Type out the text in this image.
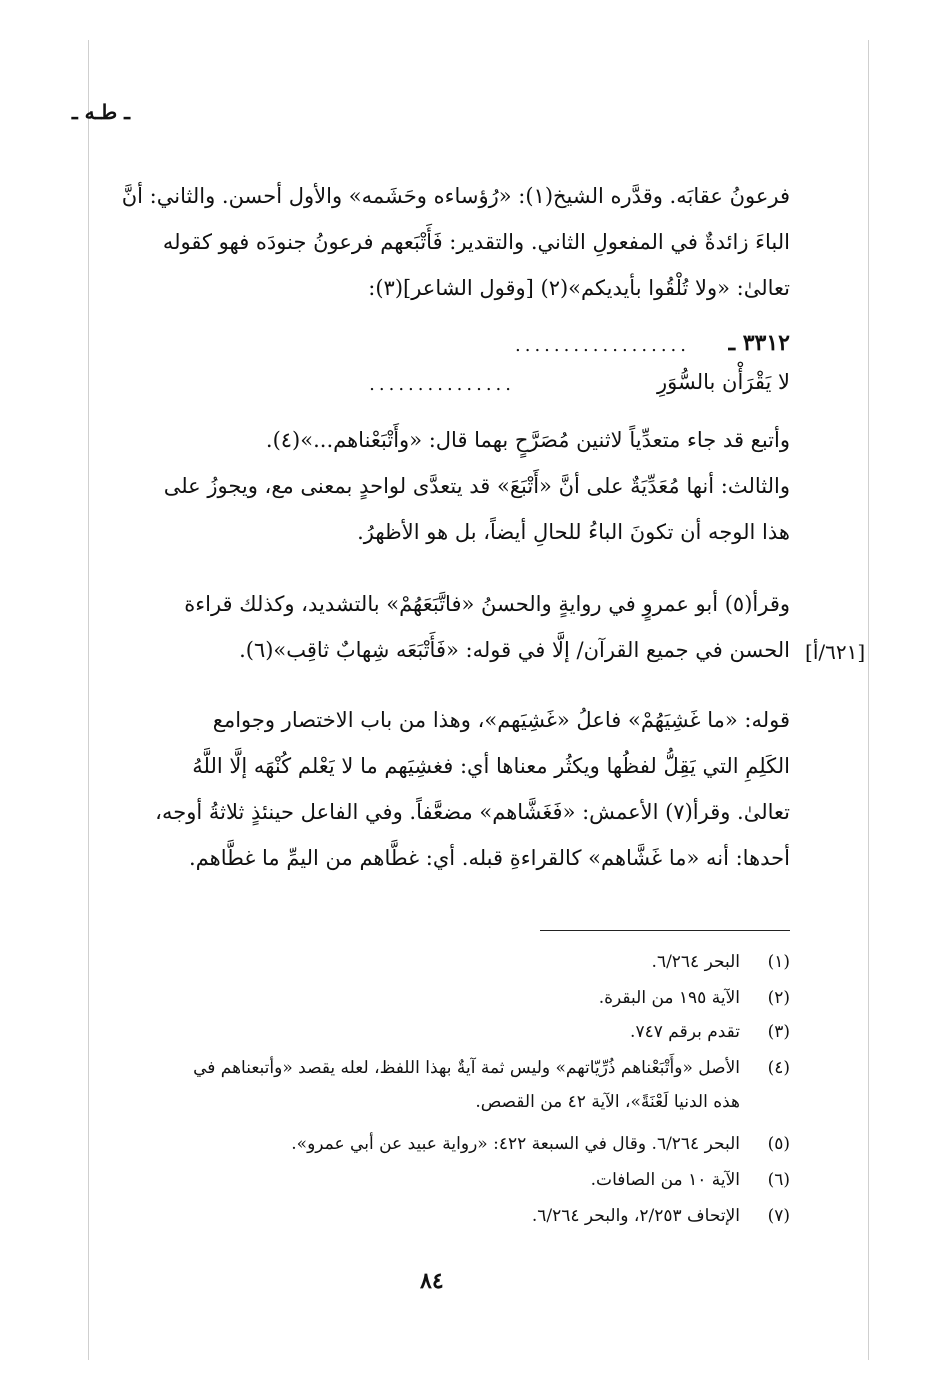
ـ طـه ـ
فرعونُ عقابَه. وقدَّره الشيخ(١): «رُؤساءه وحَشَمه» والأول أحسن. والثاني: أنَّ
الباءَ زائدةٌ في المفعولِ الثاني. والتقدير: فَأَتْبَعهم فرعونُ جنودَه فهو كقوله
تعالىٰ: «ولا تُلْقُوا بأيديكم»(٢) [وقول الشاعر](٣):
٣٣١٢ ـ
..................
لا يَقْرَأْن بالسُّوَرِ
...............
وأتبع قد جاء متعدِّياً لاثنين مُصَرَّحٍ بهما قال: «وأَتْبَعْناهم...»(٤).
والثالث: أنها مُعَدِّيَةٌ على أنَّ «أَتْبَعَ» قد يتعدَّى لواحدٍ بمعنى مع، ويجوزُ على
هذا الوجه أن تكونَ الباءُ للحالِ أيضاً، بل هو الأظهرُ.
وقرأ(٥) أبو عمروٍ في روايةٍ والحسنُ «فاتَّبَعَهُمْ» بالتشديد، وكذلك قراءة
الحسن في جميع القرآن/ إلَّا في قوله: «فَأَتْبَعَه شِهابٌ ثاقِب»(٦). [٦٢١/أ]
قوله: «ما غَشِيَهُمْ» فاعلُ «غَشِيَهم»، وهذا من باب الاختصار وجوامع
الكَلِمِ التي يَقِلُّ لفظُها ويكثُر معناها أي: فغشِيَهم ما لا يَعْلم كُنْهَه إلَّا اللَّهُ
تعالىٰ. وقرأ(٧) الأعمش: «فَغَشَّاهم» مضعَّفاً. وفي الفاعل حينئذٍ ثلاثةُ أوجه،
أحدها: أنه «ما غَشَّاهم» كالقراءةِ قبله. أي: غطَّاهم من اليمِّ ما غطَّاهم.
(١)
البحر ٦/٢٦٤.
(٢)
الآية ١٩٥ من البقرة.
(٣)
تقدم برقم ٧٤٧.
(٤)
الأصل «وأَتْبَعْناهم ذُرِّيّاتهم» وليس ثمة آيةٌ بهذا اللفظ، لعله يقصد «وأتبعناهم في
هذه الدنيا لَعْنَةً»، الآية ٤٢ من القصص.
(٥)
البحر ٦/٢٦٤. وقال في السبعة ٤٢٢: «رواية عبيد عن أبي عمرو».
(٦)
الآية ١٠ من الصافات.
(٧)
الإتحاف ٢/٢٥٣، والبحر ٦/٢٦٤.
٨٤
